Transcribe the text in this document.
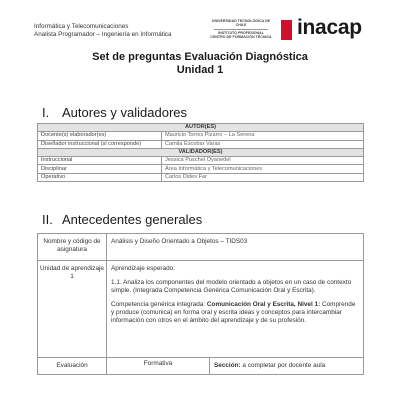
Informática y Telecomunicaciones
Analista Programador – Ingeniería en Informática
UNIVERSIDAD TECNOLÓGICA DE CHILE
INSTITUTO PROFESIONAL
CENTRO DE FORMACIÓN TÉCNICA inacap
Set de preguntas Evaluación Diagnóstica
Unidad 1
I. Autores y validadores
AUTOR(ES)	
Docente(s) elaborador(es)	Mauricio Torres Pizarro – La Serena
Diseñador instruccional (si corresponde)	Camila Escobar Varas
VALIDADOR(ES)	
Instruccional	Jessica Puschel Oyanedel
Disciplinar	Área Informática y Telecomunicaciones
Operativo	Carlos Dides Far
II. Antecedentes generales
Nombre y código de asignatura	Análisis y Diseño Orientado a Objetos – TIDS03	
Unidad de aprendizaje 1	Aprendizaje esperado:

1.1. Analiza los componentes del modelo orientado a objetos en un caso de contexto simple. (Integrada Competencia Genérica Comunicación Oral y Escrita).

Competencia genérica integrada: Comunicación Oral y Escrita, Nivel 1: Comprende y produce (comunica) en forma oral y escrita ideas y conceptos para intercambiar información con otros en el ámbito del aprendizaje y de su profesión.	

Evaluación	Formativa	Sección: a completar por docente aula
